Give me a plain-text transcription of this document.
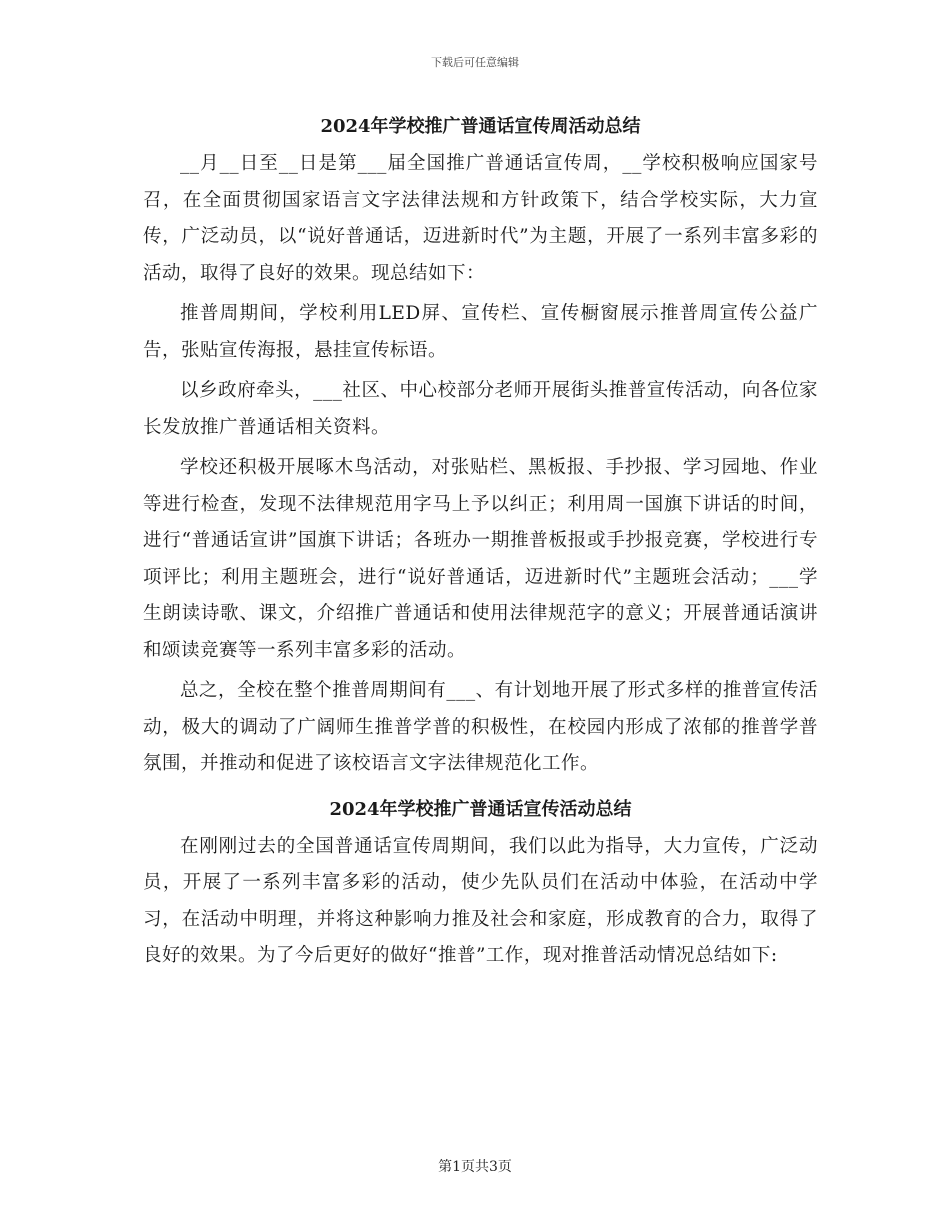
下载后可任意编辑
2024年学校推广普通话宣传周活动总结

__月__日至__日是第___届全国推广普通话宣传周，__学校积极响应国家号召，在全面贯彻国家语言文字法律法规和方针政策下，结合学校实际，大力宣传，广泛动员，以“说好普通话，迈进新时代”为主题，开展了一系列丰富多彩的活动，取得了良好的效果。现总结如下：

推普周期间，学校利用LED屏、宣传栏、宣传橱窗展示推普周宣传公益广告，张贴宣传海报，悬挂宣传标语。

以乡政府牵头，___社区、中心校部分老师开展街头推普宣传活动，向各位家长发放推广普通话相关资料。

学校还积极开展啄木鸟活动，对张贴栏、黑板报、手抄报、学习园地、作业等进行检查，发现不法律规范用字马上予以纠正；利用周一国旗下讲话的时间，进行“普通话宣讲”国旗下讲话；各班办一期推普板报或手抄报竞赛，学校进行专项评比；利用主题班会，进行“说好普通话，迈进新时代”主题班会活动；___学生朗读诗歌、课文，介绍推广普通话和使用法律规范字的意义；开展普通话演讲和颂读竞赛等一系列丰富多彩的活动。

总之，全校在整个推普周期间有___、有计划地开展了形式多样的推普宣传活动，极大的调动了广阔师生推普学普的积极性，在校园内形成了浓郁的推普学普氛围，并推动和促进了该校语言文字法律规范化工作。

2024年学校推广普通话宣传活动总结

在刚刚过去的全国普通话宣传周期间，我们以此为指导，大力宣传，广泛动员，开展了一系列丰富多彩的活动，使少先队员们在活动中体验，在活动中学习，在活动中明理，并将这种影响力推及社会和家庭，形成教育的合力，取得了良好的效果。为了今后更好的做好“推普”工作，现对推普活动情况总结如下:

第1页共3页
